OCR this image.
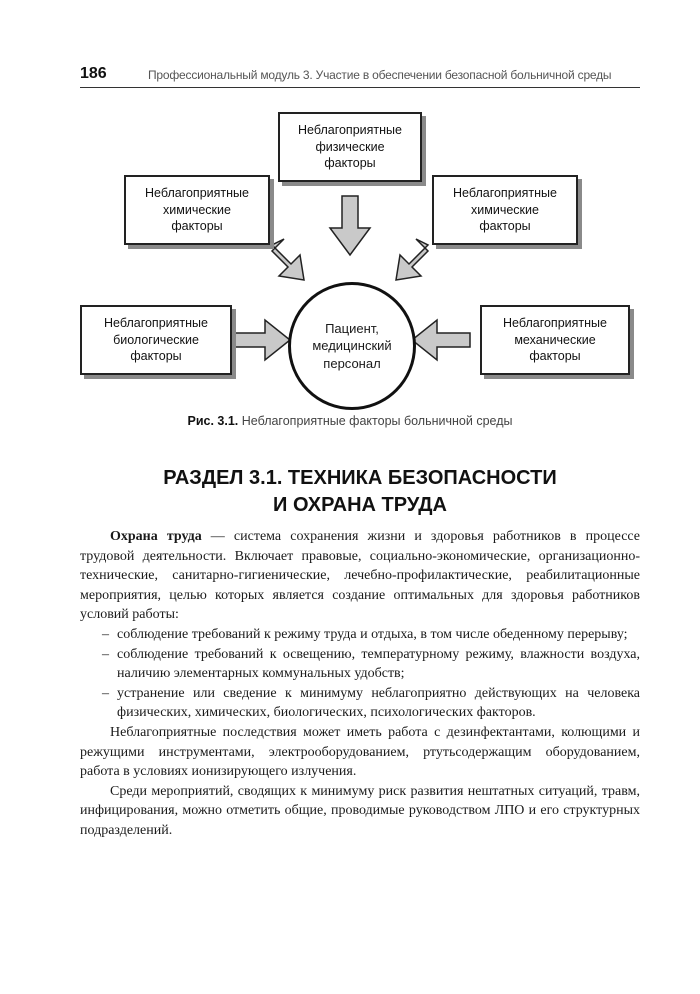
186	Профессиональный модуль 3. Участие в обеспечении безопасной больничной среды
Неблагоприятные
физические
факторы
Неблагоприятные
химические
факторы
Неблагоприятные
химические
факторы
Неблагоприятные
биологические
факторы
Неблагоприятные
механические
факторы
Пациент,
медицинский
персонал
Рис. 3.1. Неблагоприятные факторы больничной среды
РАЗДЕЛ 3.1. ТЕХНИКА БЕЗОПАСНОСТИ
И ОХРАНА ТРУДА

Охрана труда — система сохранения жизни и здоровья работников в процессе трудовой деятельности. Включает правовые, социально-экономические, организационно-технические, санитарно-гигиенические, лечебно-профилактические, реабилитационные мероприятия, целью которых является создание оптимальных для здоровья работников условий работы:

– соблюдение требований к режиму труда и отдыха, в том числе обеденному перерыву;
– соблюдение требований к освещению, температурному режиму, влажности воздуха, наличию элементарных коммунальных удобств;
– устранение или сведение к минимуму неблагоприятно действующих на человека физических, химических, биологических, психологических факторов.

Неблагоприятные последствия может иметь работа с дезинфектантами, колющими и режущими инструментами, электрооборудованием, ртутьсодержащим оборудованием, работа в условиях ионизирующего излучения.

Среди мероприятий, сводящих к минимуму риск развития нештатных ситуаций, травм, инфицирования, можно отметить общие, проводимые руководством ЛПО и его структурных подразделений.
